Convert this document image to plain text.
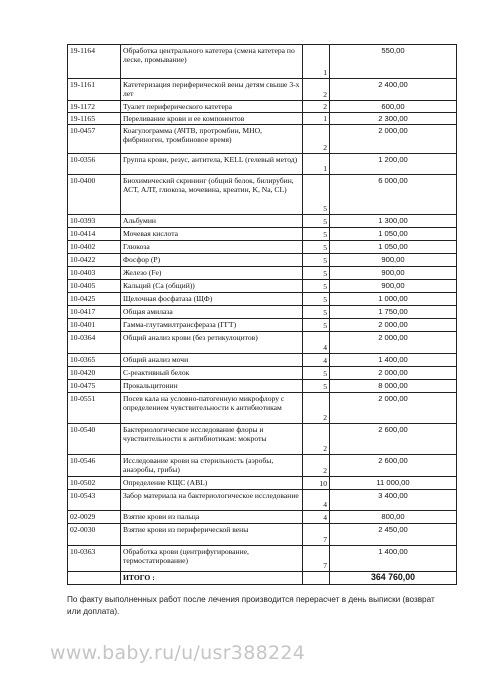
19-1164	Обработка центрального катетера (смена катетера по леске, промывание)	1	550,00
19-1161	Катетеризация периферической вены детям свыше 3-х лет	2	2 400,00
19-1172	Туалет периферического катетера	2	600,00
19-1165	Переливание крови и ее компонентов	1	2 300,00
10-0457	Коагулограмма (АЧТВ, протромбин, МНО, фибриноген, тромбиновое время)	2	2 000,00
10-0356	Группа крови, резус, антитела, KELL (гелевый метод)	1	1 200,00
10-0400	Биохимический скрининг (общий белок, билирубин, АСТ, АЛТ, глюкоза, мочевина, креатин, K, Na, CL)	5	6 000,00
10-0393	Альбумин	5	1 300,00
10-0414	Мочевая кислота	5	1 050,00
10-0402	Глюкоза	5	1 050,00
10-0422	Фосфор (P)	5	900,00
10-0403	Железо (Fe)	5	900,00
10-0405	Кальций (Ca (общий))	5	900,00
10-0425	Щелочная фосфатаза (ЩФ)	5	1 000,00
10-0417	Общая амилаза	5	1 750,00
10-0401	Гамма-глутамилтрансфераза (ГГТ)	5	2 000,00
10-0364	Общий анализ крови (без ретикулоцитов)	4	2 000,00
10-0365	Общий анализ мочи	4	1 400,00
10-0420	С-реактивный белок	5	2 000,00
10-0475	Прокальцитонин	5	8 000,00
10-0551	Посев кала на условно-патогенную микрофлору с определением чувствительности к антибиотикам	2	2 000,00
10-0540	Бактериологическое исследование флоры и чувствительности к антибиотикам: мокроты	2	2 600,00
10-0546	Исследование крови на стерильность (аэробы, анаэробы, грибы)	2	2 600,00
10-0502	Определение КЩС (ABL)	10	11 000,00
10-0543	Забор материала на бактериологическое исследование	4	3 400,00
02-0029	Взятие крови из пальца	4	800,00
02-0030	Взятие крови из периферической вены	7	2 450,00
10-0363	Обработка крови (центрифугирование, термостатирование)	7	1 400,00
	ИТОГО :		364 760,00
По факту выполненных работ после лечения производится перерасчет в день выписки (возврат или доплата).
www.baby.ru/u/usr388224
